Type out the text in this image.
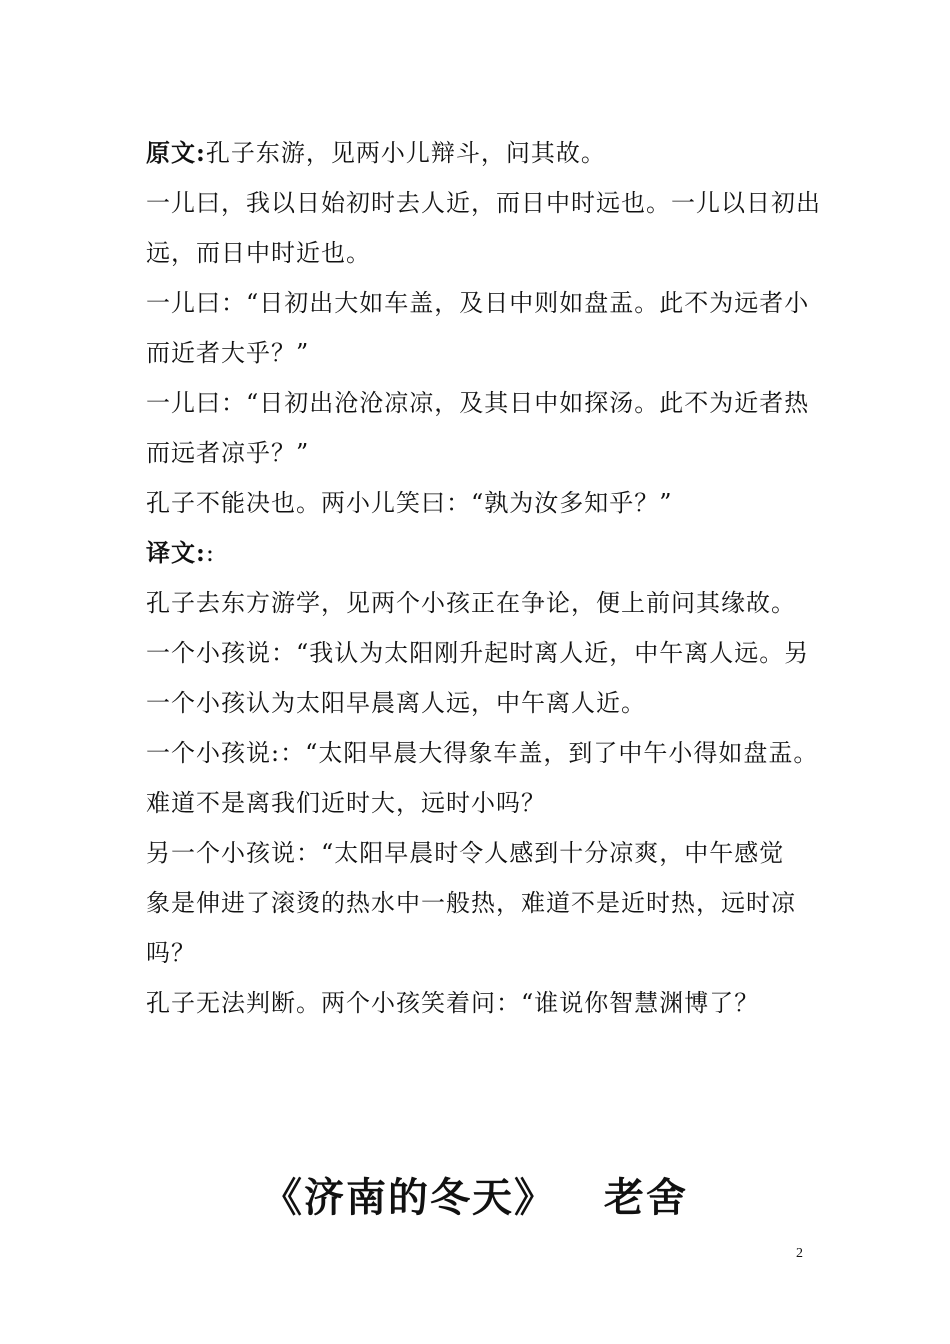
原文:孔子东游，见两小儿辩斗，问其故。
一儿曰，我以日始初时去人近，而日中时远也。一儿以日初出
远，而日中时近也。
一儿曰：“日初出大如车盖，及日中则如盘盂。此不为远者小
而近者大乎？”
一儿曰：“日初出沧沧凉凉，及其日中如探汤。此不为近者热
而远者凉乎？”
孔子不能决也。两小儿笑曰：“孰为汝多知乎？”
译文::
孔子去东方游学，见两个小孩正在争论，便上前问其缘故。
一个小孩说：“我认为太阳刚升起时离人近，中午离人远。另
一个小孩认为太阳早晨离人远，中午离人近。
一个小孩说:：“太阳早晨大得象车盖，到了中午小得如盘盂。
难道不是离我们近时大，远时小吗？
另一个小孩说：“太阳早晨时令人感到十分凉爽，中午感觉
象是伸进了滚烫的热水中一般热，难道不是近时热，远时凉
吗？
孔子无法判断。两个小孩笑着问：“谁说你智慧渊博了？
《济南的冬天》 老舍
2
